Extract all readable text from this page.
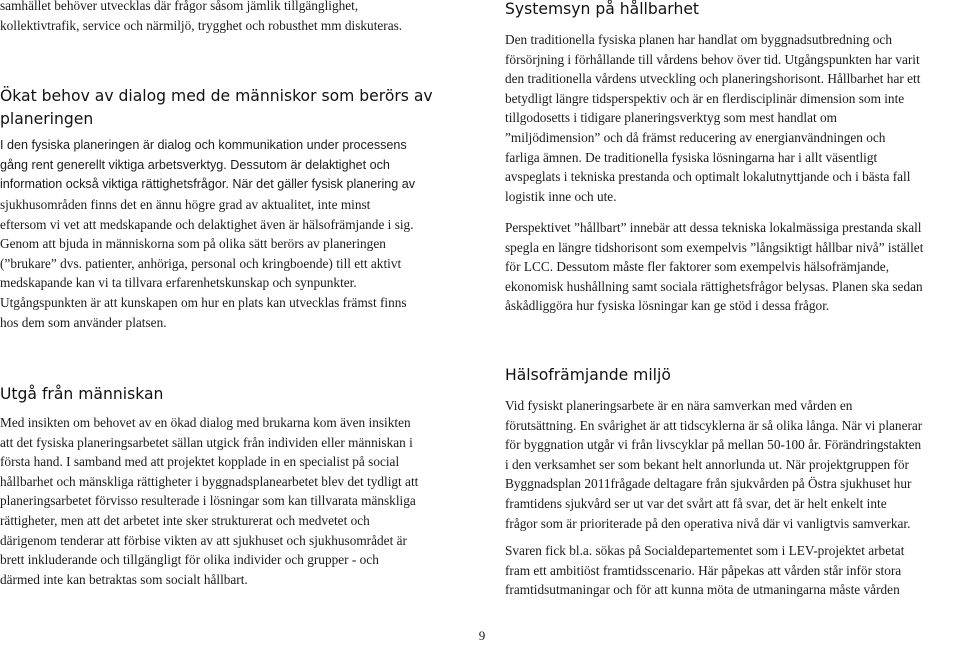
samhället behöver utvecklas där frågor såsom jämlik tillgänglighet,

kollektivtrafik, service och närmiljö, trygghet och robusthet mm diskuteras.

Ökat behov av dialog med de människor som berörs av

planeringen

I den fysiska planeringen är dialog och kommunikation under processens

gång rent generellt viktiga arbetsverktyg. Dessutom är delaktighet och

information också viktiga rättighetsfrågor. När det gäller fysisk planering av

sjukhusområden finns det en ännu högre grad av aktualitet, inte minst

eftersom vi vet att medskapande och delaktighet även är hälsofrämjande i sig.

Genom att bjuda in människorna som på olika sätt berörs av planeringen

(”brukare” dvs. patienter, anhöriga, personal och kringboende) till ett aktivt

medskapande kan vi ta tillvara erfarenhetskunskap och synpunkter.

Utgångspunkten är att kunskapen om hur en plats kan utvecklas främst finns

hos dem som använder platsen.

Utgå från människan

Med insikten om behovet av en ökad dialog med brukarna kom även insikten

att det fysiska planeringsarbetet sällan utgick från individen eller människan i

första hand. I samband med att projektet kopplade in en specialist på social

hållbarhet och mänskliga rättigheter i byggnadsplanearbetet blev det tydligt att

planeringsarbetet förvisso resulterade i lösningar som kan tillvarata mänskliga

rättigheter, men att det arbetet inte sker strukturerat och medvetet och

därigenom tenderar att förbise vikten av att sjukhuset och sjukhusområdet är

brett inkluderande och tillgängligt för olika individer och grupper - och

därmed inte kan betraktas som socialt hållbart.

Systemsyn på hållbarhet

Den traditionella fysiska planen har handlat om byggnadsutbredning och

försörjning i förhållande till vårdens behov över tid. Utgångspunkten har varit

den traditionella vårdens utveckling och planeringshorisont. Hållbarhet har ett

betydligt längre tidsperspektiv och är en flerdisciplinär dimension som inte

tillgodosetts i tidigare planeringsverktyg som mest handlat om

”miljödimension” och då främst reducering av energianvändningen och

farliga ämnen. De traditionella fysiska lösningarna har i allt väsentligt

avspeglats i tekniska prestanda och optimalt lokalutnyttjande och i bästa fall

logistik inne och ute.

Perspektivet ”hållbart” innebär att dessa tekniska lokalmässiga prestanda skall

spegla en längre tidshorisont som exempelvis ”långsiktigt hållbar nivå” istället

för LCC. Dessutom måste fler faktorer som exempelvis hälsofrämjande,

ekonomisk hushållning samt sociala rättighetsfrågor belysas. Planen ska sedan

åskådliggöra hur fysiska lösningar kan ge stöd i dessa frågor.

Hälsofrämjande miljö

Vid fysiskt planeringsarbete är en nära samverkan med vården en

förutsättning. En svårighet är att tidscyklerna är så olika långa. När vi planerar

för byggnation utgår vi från livscyklar på mellan 50-100 år. Förändringstakten

i den verksamhet ser som bekant helt annorlunda ut. När projektgruppen för

Byggnadsplan 2011frågade deltagare från sjukvården på Östra sjukhuset hur

framtidens sjukvård ser ut var det svårt att få svar, det är helt enkelt inte

frågor som är prioriterade på den operativa nivå där vi vanligtvis samverkar.

Svaren fick bl.a. sökas på Socialdepartementet som i LEV-projektet arbetat

fram ett ambitiöst framtidsscenario. Här påpekas att vården står inför stora

framtidsutmaningar och för att kunna möta de utmaningarna måste vården

9
